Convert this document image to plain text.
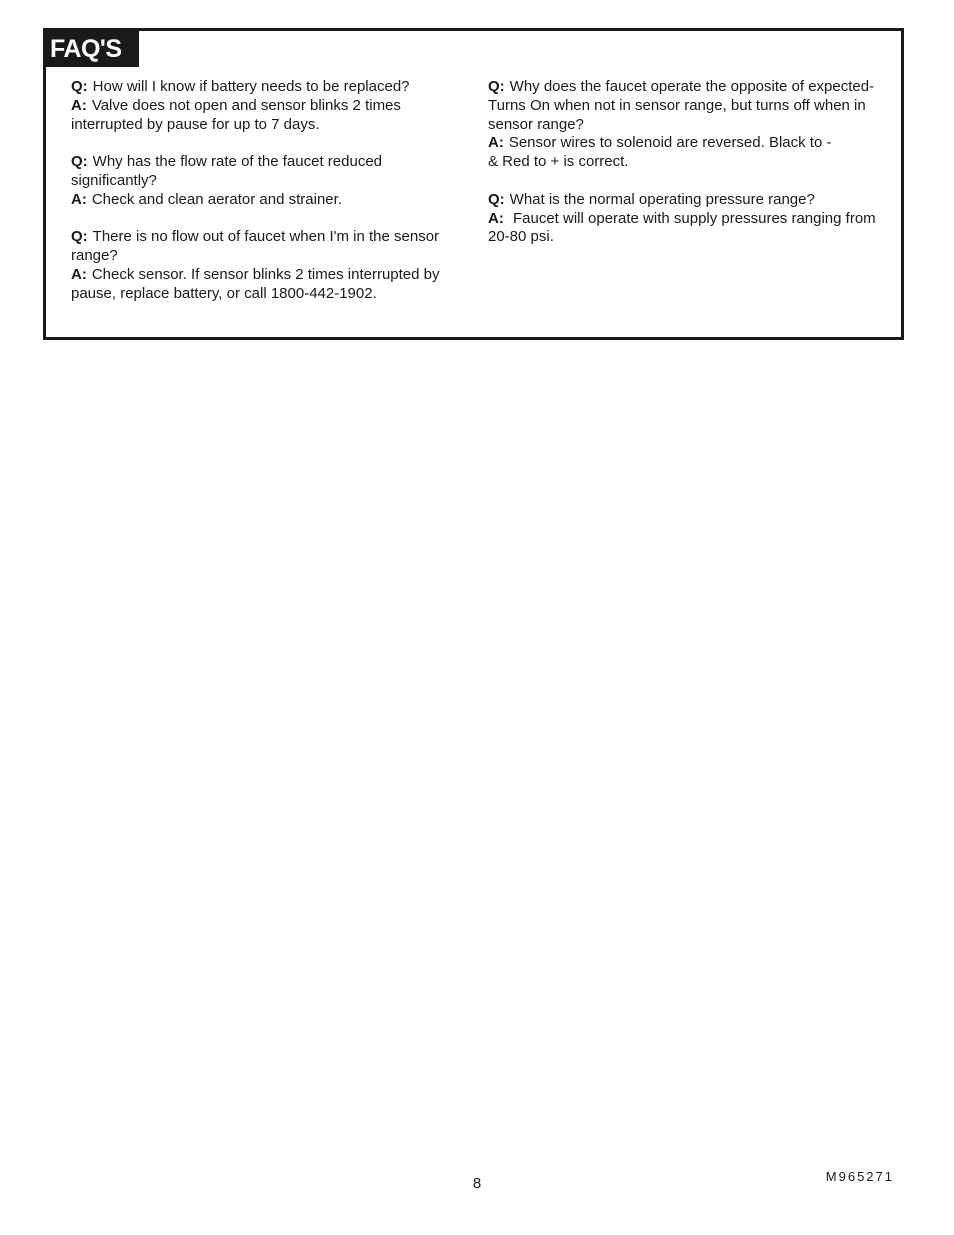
FAQ'S
Q: How will I know if battery needs to be replaced?
A: Valve does not open and sensor blinks 2 times interrupted by pause for up to 7 days.
Q: Why has the flow rate of the faucet reduced significantly?
A: Check and clean aerator and strainer.
Q: There is no flow out of faucet when I'm in the sensor range?
A: Check sensor. If sensor blinks 2 times interrupted by pause, replace battery, or call 1800-442-1902.
Q: Why does the faucet operate the opposite of expected-Turns On when not in sensor range, but turns off when in sensor range?
A: Sensor wires to solenoid are reversed. Black to -
& Red to + is correct.
Q: What is the normal operating pressure range?
A: Faucet will operate with supply pressures ranging from 20-80 psi.
8	M965271
